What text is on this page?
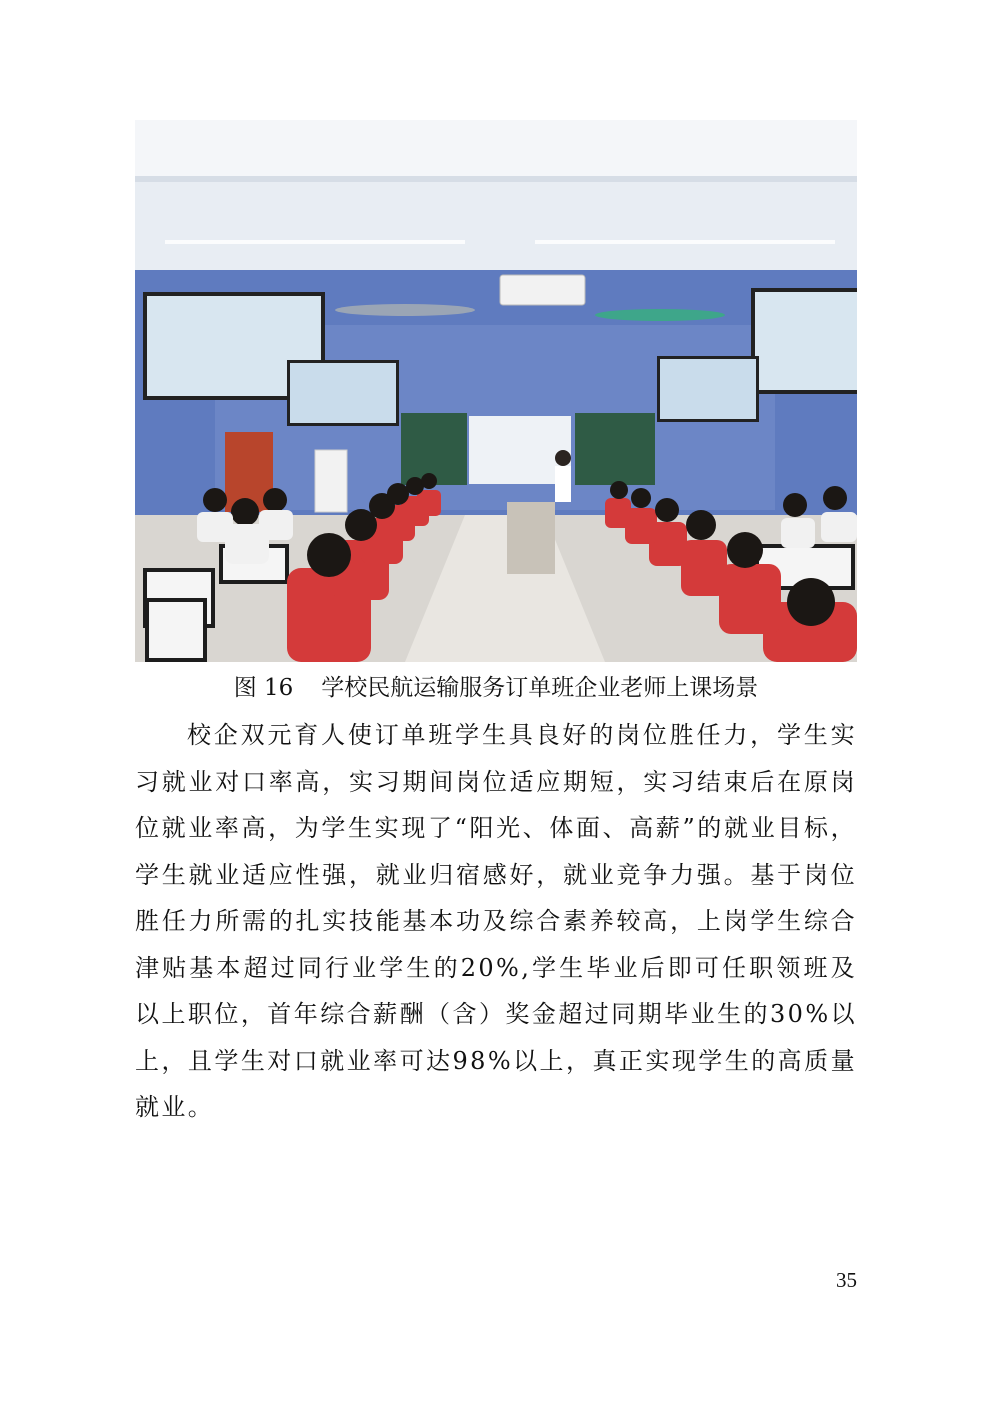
图 16 学校民航运输服务订单班企业老师上课场景

校企双元育人使订单班学生具良好的岗位胜任力，学生实习就业对口率高，实习期间岗位适应期短，实习结束后在原岗位就业率高，为学生实现了“阳光、体面、高薪”的就业目标，学生就业适应性强，就业归宿感好，就业竞争力强。基于岗位胜任力所需的扎实技能基本功及综合素养较高，上岗学生综合津贴基本超过同行业学生的20%,学生毕业后即可任职领班及以上职位，首年综合薪酬（含）奖金超过同期毕业生的30%以上，且学生对口就业率可达98%以上，真正实现学生的高质量就业。

35
